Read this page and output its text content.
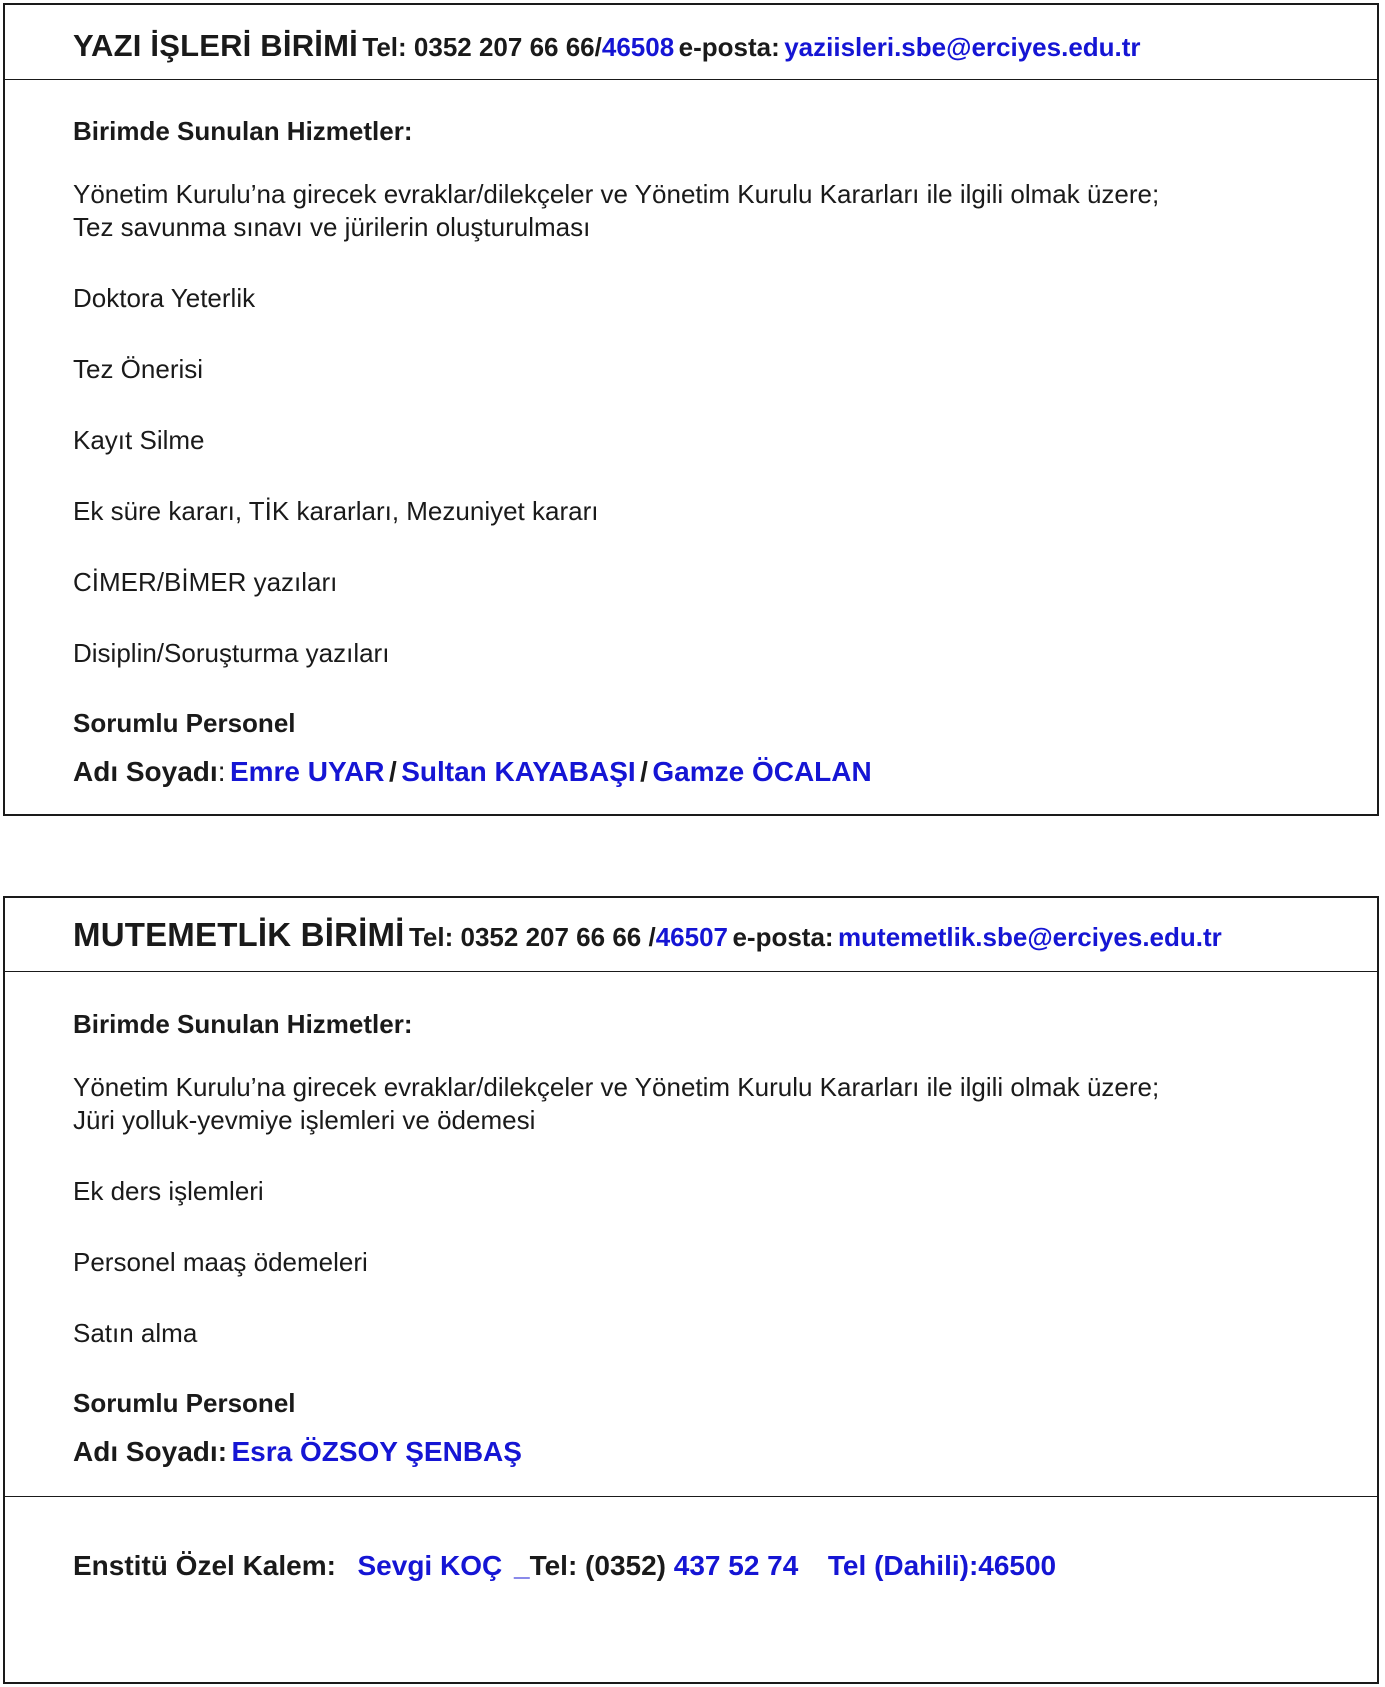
YAZI İŞLERİ BİRİMİ Tel: 0352 207 66 66/46508 e-posta: yaziisleri.sbe@erciyes.edu.tr
Birimde Sunulan Hizmetler:
Yönetim Kurulu’na girecek evraklar/dilekçeler ve Yönetim Kurulu Kararları ile ilgili olmak üzere;
Tez savunma sınavı ve jürilerin oluşturulması
Doktora Yeterlik
Tez Önerisi
Kayıt Silme
Ek süre kararı, TİK kararları, Mezuniyet kararı
CİMER/BİMER yazıları
Disiplin/Soruşturma yazıları
Sorumlu Personel
Adı Soyadı: Emre UYAR / Sultan KAYABAŞI / Gamze ÖCALAN
MUTEMETLİK BİRİMİ Tel: 0352 207 66 66 /46507 e-posta: mutemetlik.sbe@erciyes.edu.tr
Birimde Sunulan Hizmetler:
Yönetim Kurulu’na girecek evraklar/dilekçeler ve Yönetim Kurulu Kararları ile ilgili olmak üzere;
Jüri yolluk-yevmiye işlemleri ve ödemesi
Ek ders işlemleri
Personel maaş ödemeleri
Satın alma
Sorumlu Personel
Adı Soyadı: Esra ÖZSOY ŞENBAŞ
Enstitü Özel Kalem: Sevgi KOÇ _Tel: (0352) 437 52 74 Tel (Dahili):46500
